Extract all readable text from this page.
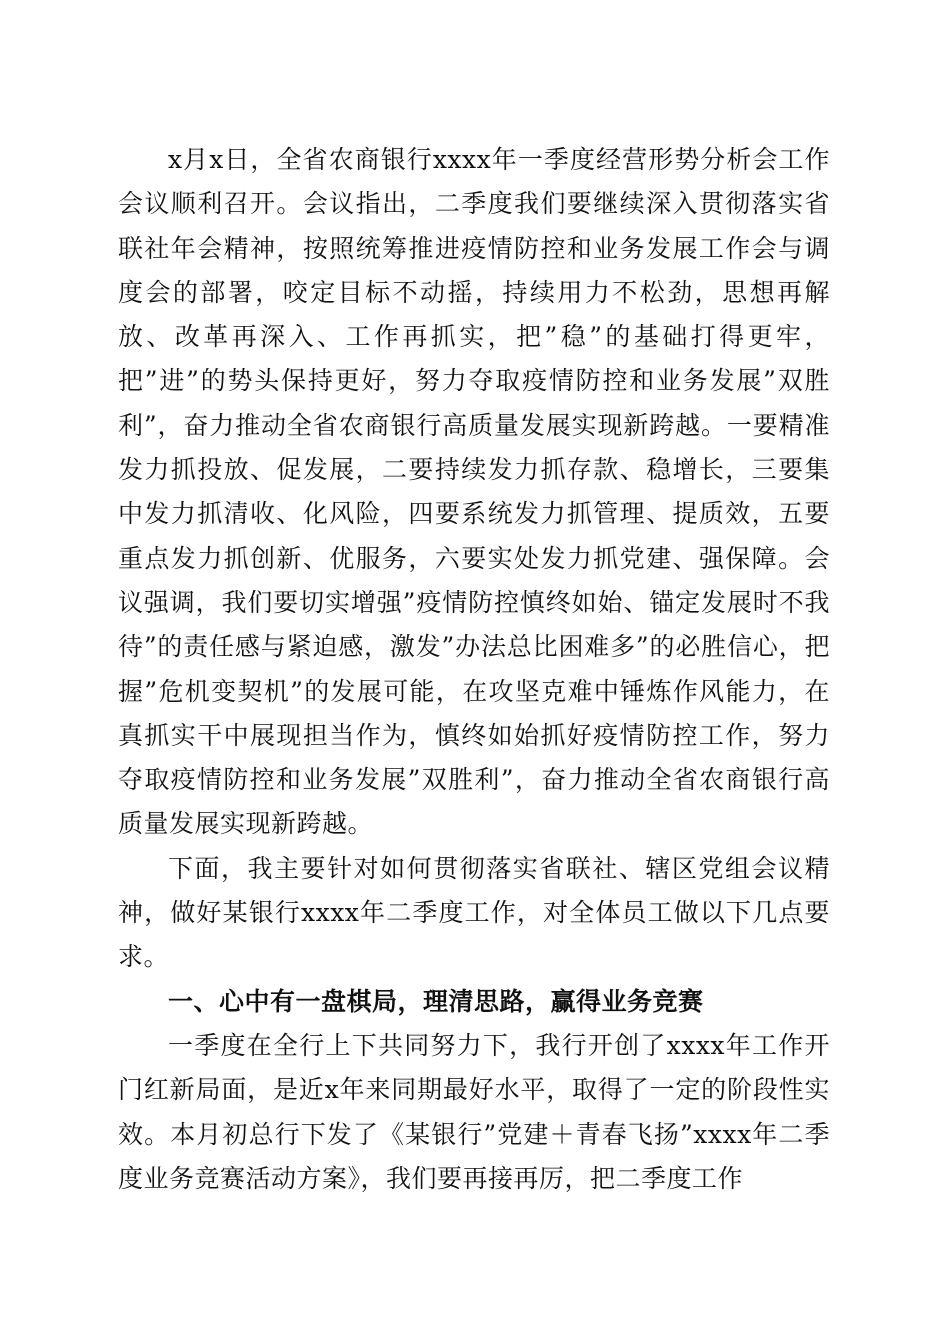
x月x日，全省农商银行xxxx年一季度经营形势分析会工作会议顺利召开。会议指出，二季度我们要继续深入贯彻落实省联社年会精神，按照统筹推进疫情防控和业务发展工作会与调度会的部署，咬定目标不动摇，持续用力不松劲，思想再解放、改革再深入、工作再抓实，把”稳”的基础打得更牢，把”进”的势头保持更好，努力夺取疫情防控和业务发展”双胜利”，奋力推动全省农商银行高质量发展实现新跨越。一要精准发力抓投放、促发展，二要持续发力抓存款、稳增长，三要集中发力抓清收、化风险，四要系统发力抓管理、提质效，五要重点发力抓创新、优服务，六要实处发力抓党建、强保障。会议强调，我们要切实增强”疫情防控慎终如始、锚定发展时不我待”的责任感与紧迫感，激发”办法总比困难多”的必胜信心，把握”危机变契机”的发展可能，在攻坚克难中锤炼作风能力，在真抓实干中展现担当作为，慎终如始抓好疫情防控工作，努力夺取疫情防控和业务发展”双胜利”，奋力推动全省农商银行高质量发展实现新跨越。

下面，我主要针对如何贯彻落实省联社、辖区党组会议精神，做好某银行xxxx年二季度工作，对全体员工做以下几点要求。

一、心中有一盘棋局，理清思路，赢得业务竞赛

一季度在全行上下共同努力下，我行开创了xxxx年工作开门红新局面，是近x年来同期最好水平，取得了一定的阶段性实效。本月初总行下发了《某银行”党建＋青春飞扬”xxxx年二季度业务竞赛活动方案》，我们要再接再厉，把二季度工作
